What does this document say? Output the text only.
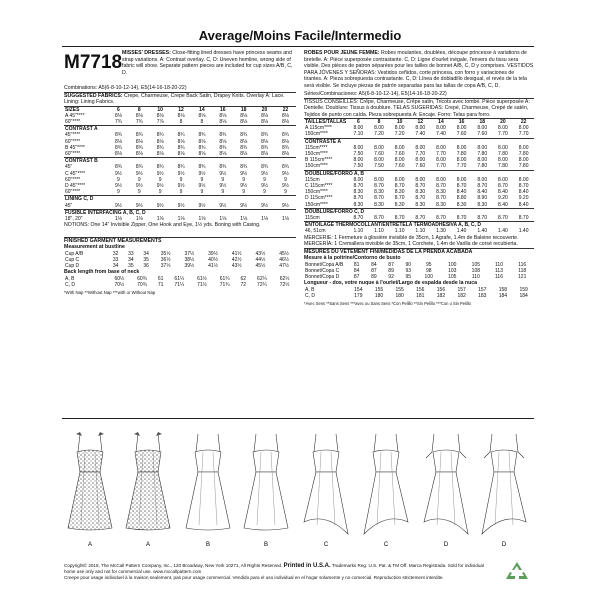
Average/Moins Facile/Intermedio
M7718 MISSES' DRESSES: Close-fitting lined dresses have princess seams and strap variations. A: Contrast overlay. C, D: Uneven hemline, wrong side of fabric will show. Separate pattern pieces are included for cup sizes A/B, C, D.
Combinations: A5(6-8-10-12-14), E5(14-16-18-20-22)
SUGGESTED FABRICS: Crepe, Charmeuse, Crepe Back Satin, Drapey Knits. Overlay A: Lace. Lining: Lining Fabrics.
SIZES	6	8	10	12	14	16	18	20	22
A 45"****	8⅛	8⅛	8⅛	8⅛	8⅛	8⅛	8⅛	8⅛	8⅛
60"****	7¾	7¾	7⅞	8	8	8⅛	8⅛	8⅛	8⅛
CONTRAST A									
45"****	8¾	8¾	8¾	8¾	8¾	8¾	8¾	8¾	8¾
60"****	8⅛	8⅛	8⅛	8⅛	8⅛	8⅛	8⅛	8⅛	8⅛
B 45"****	8¾	8¾	8¾	8¾	8¾	8¾	8¾	8¾	8¾
60"****	8⅛	8⅛	8⅛	8⅛	8⅛	8⅛	8⅛	8⅛	8⅛
CONTRAST B									
45"	8¾	8¾	8¾	8¾	8¾	8¾	8¾	8¾	8¾
C 45"****	9½	9½	9½	9½	9½	9½	9½	9½	9½
60"****	9	9	9	9	9	9	9	9	9
D 45"****	9½	9½	9½	9½	9½	9½	9½	9½	9½
60"****	9	9	9	9	9	9	9	9	9
LINING C, D									
45"	9½	9½	9½	9½	9½	9½	9½	9½	9½
FUSIBLE INTERFACING A, B, C, D									
18", 20"	1⅛	1⅛	1⅛	1⅛	1⅛	1⅛	1⅛	1⅛	1⅛
NOTIONS: One 14" Invisible Zipper, One Hook and Eye, 1½ yds. Boning with Casing.
FINISHED GARMENT MEASUREMENTS
Measurement at bustline
Cup A/B	32	33	34	35½	37½	39½	41½	43½	45½
Cup C	33	34	35	36½	38½	40½	42½	44½	46½
Cup D	34	35	36	37½	39½	41½	43½	45½	47½
Back length from base of neck
A, B	60½	60¾	61	61¼	61½	61¾	62	62¼	62½
C, D	70½	70¾	71	71¼	71½	71¾	72	72¼	72½
*With Nap **Without Nap ***with or Without Nap
ROBES POUR JEUNE FEMME: Robes moulantes, doublées, découpe princesse à variations de bretelle. A: Pièce superposée contrastante. C, D: Ligne d'ourlet inégale, l'envers du tissu sera visible. Des pièces de patron séparées pour les tailles de bonnet A/B, C, D y comprises. VESTIDOS PARA JÓVENES Y SEÑORAS: Vestidos ceñidos, corte princesa, con forro y variaciones de tirantes. A: Pieza sobrepuesta contrastante. C, D: Línea de dobladillo desigual, el revés de la tela será visible. Se incluye piezas de patrón separadas para las tallas de copa A/B, C, D.
Séries/Combinaciones: A5(6-8-10-12-14), E5(14-16-18-20-22)
TISSUS CONSEILLÉS: Crêpe, Charmeuse, Crêpe satin, Tricots avec tombé. Pièce superposée A: Dentelle. Doublure: Tissus à doublure. TELAS SUGERIDAS: Crepé, Charmeuse, Crepé de satén, Tejidos de punto con caída. Pieza sobrepuesta A: Encaje. Forro: Telas para forro.
TAILLES/TALLAS	6	8	10	12	14	16	18	20	22
A 115cm****	8.00	8.00	8.00	8.00	8.00	8.00	8.00	8.00	8.00
150cm****	7.10	7.20	7.20	7.40	7.40	7.60	7.60	7.70	7.70
CONTRASTE A									
115cm****	8.00	8.00	8.00	8.00	8.00	8.00	8.00	8.00	8.00
150cm****	7.50	7.60	7.60	7.70	7.70	7.80	7.80	7.80	7.80
B 115cm****	8.00	8.00	8.00	8.00	8.00	8.00	8.00	8.00	8.00
150cm****	7.50	7.50	7.60	7.60	7.70	7.70	7.80	7.80	7.80
DOUBLURE/FORRO A, B									
115cm	8.00	8.00	8.00	8.00	8.00	8.00	8.00	8.00	8.00
C 115cm****	8.70	8.70	8.70	8.70	8.70	8.70	8.70	8.70	8.70
150cm****	8.30	8.30	8.30	8.30	8.30	8.40	8.40	8.40	8.40
D 115cm****	8.70	8.70	8.70	8.70	8.70	8.80	8.90	9.20	9.20
150cm****	8.30	8.30	8.30	8.30	8.30	8.30	8.30	8.40	8.40
DOUBLURE/FORRO C, D									
115cm	8.70	8.70	8.70	8.70	8.70	8.70	8.70	8.70	8.70
ENTOILAGE THERMOCOLLANT/ENTRETELA TERMOADHESIVA A, B, C, D									
46, 51cm	1.10	1.10	1.10	1.10	1.30	1.40	1.40	1.40	1.40
MERCERIE: 1 Fermeture à glissière invisible de 35cm, 1 Agrafe, 1.4m de Baleine recouverte.
MERCERÍA: 1 Cremallera invisible de 35cm, 1 Corchete, 1.4m de Varilla de corsé recubierta.
MESURES DU VÊTEMENT FINI/MEDIDAS DE LA PRENDA ACABADA
Mesure à la poitrine/Contorno de busto
Bonnet/Copa A/B	81	84	87	90	95	100	105	110	116
Bonnet/Copa C	84	87	89	93	98	103	108	113	118
Bonnet/Copa D	87	89	92	95	100	105	110	116	121
Longueur - dos, votre nuque à l'ourlet/Largo de espalda desde la nuca
A, B	154	155	155	156	156	157	157	158	159
C, D	179	180	180	181	182	182	183	184	184
*Avec Sens **Sans Sens ***avec ou Sans Sens *Con Pelillo **Sin Pelillo ***Con o Sin Pelillo
A	A	B	B	C	C	D	D
Copyright© 2018, The McCall Pattern Company, Inc., 120 Broadway, New York 10271, All Rights Reserved. Printed in U.S.A. Trademarks Reg. U.S. Pat. & TM Off. Marca Registrada. Sold for individual home use only and not for commercial use. www.mccallpattern.com
Creepe pour usage individuel à la maison seulement, pas pour usage commercial. Vendido para el uso individual en el hogar solamente y no comercial. Reproduction strictement interdite.
